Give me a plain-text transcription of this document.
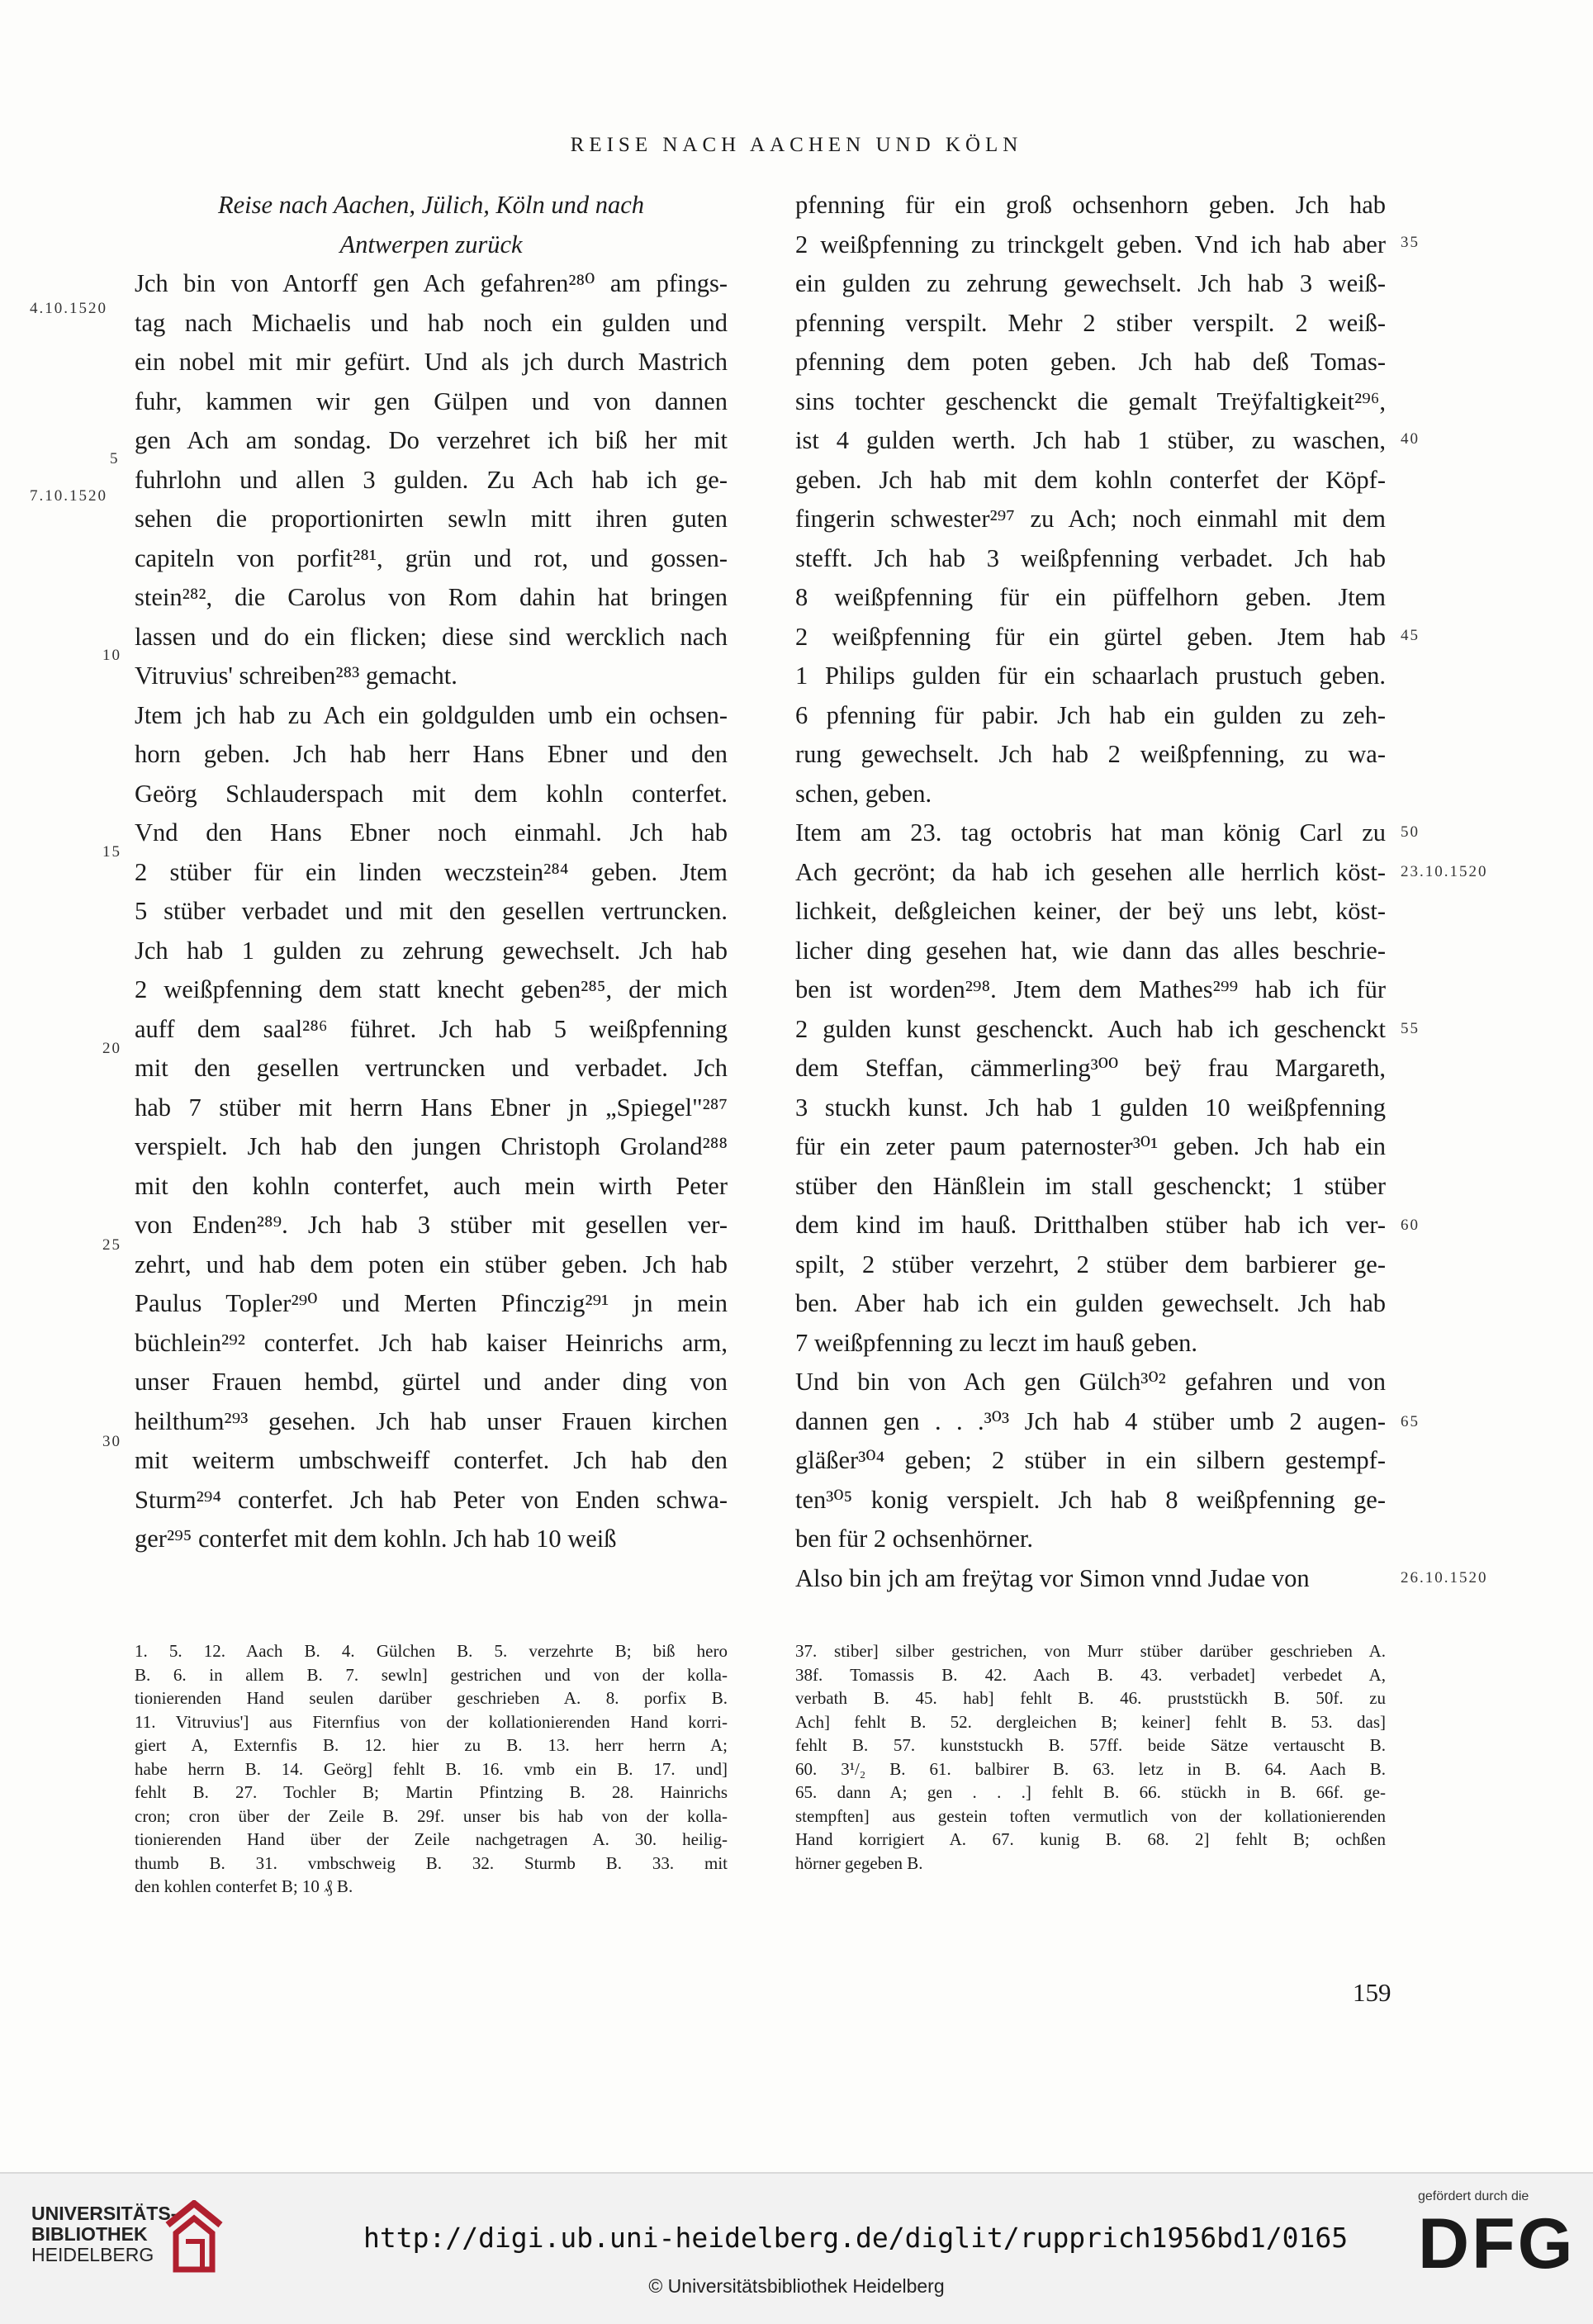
REISE NACH AACHEN UND KÖLN

Reise nach Aachen, Jülich, Köln und nach

Antwerpen zurück

Jch bin von Antorff gen Ach gefahren²⁸⁰ am pfings-
tag nach Michaelis und hab noch ein gulden und
ein nobel mit mir gefürt. Und als jch durch Mastrich
fuhr, kammen wir gen Gülpen und von dannen
gen Ach am sondag. Do verzehret ich biß her mit
fuhrlohn und allen 3 gulden. Zu Ach hab ich ge-
sehen die proportionirten sewln mitt ihren guten
capiteln von porfit²⁸¹, grün und rot, und gossen-
stein²⁸², die Carolus von Rom dahin hat bringen
lassen und do ein flicken; diese sind wercklich nach
Vitruvius' schreiben²⁸³ gemacht.
Jtem jch hab zu Ach ein goldgulden umb ein ochsen-
horn geben. Jch hab herr Hans Ebner und den
Geörg Schlauderspach mit dem kohln conterfet.
Vnd den Hans Ebner noch einmahl. Jch hab
2 stüber für ein linden weczstein²⁸⁴ geben. Jtem
5 stüber verbadet und mit den gesellen vertruncken.
Jch hab 1 gulden zu zehrung gewechselt. Jch hab
2 weißpfenning dem statt knecht geben²⁸⁵, der mich
auff dem saal²⁸⁶ führet. Jch hab 5 weißpfenning
mit den gesellen vertruncken und verbadet. Jch
hab 7 stüber mit herrn Hans Ebner jn „Spiegel"²⁸⁷
verspielt. Jch hab den jungen Christoph Groland²⁸⁸
mit den kohln conterfet, auch mein wirth Peter
von Enden²⁸⁹. Jch hab 3 stüber mit gesellen ver-
zehrt, und hab dem poten ein stüber geben. Jch hab
Paulus Topler²⁹⁰ und Merten Pfinczig²⁹¹ jn mein
büchlein²⁹² conterfet. Jch hab kaiser Heinrichs arm,
unser Frauen hembd, gürtel und ander ding von
heilthum²⁹³ gesehen. Jch hab unser Frauen kirchen
mit weiterm umbschweiff conterfet. Jch hab den
Sturm²⁹⁴ conterfet. Jch hab Peter von Enden schwa-
ger²⁹⁵ conterfet mit dem kohln. Jch hab 10 weiß
pfenning für ein groß ochsenhorn geben. Jch hab
2 weißpfenning zu trinckgelt geben. Vnd ich hab aber
ein gulden zu zehrung gewechselt. Jch hab 3 weiß-
pfenning verspilt. Mehr 2 stiber verspilt. 2 weiß-
pfenning dem poten geben. Jch hab deß Tomas-
sins tochter geschenckt die gemalt Treÿfaltigkeit²⁹⁶,
ist 4 gulden werth. Jch hab 1 stüber, zu waschen,
geben. Jch hab mit dem kohln conterfet der Köpf-
fingerin schwester²⁹⁷ zu Ach; noch einmahl mit dem
stefft. Jch hab 3 weißpfenning verbadet. Jch hab
8 weißpfenning für ein püffelhorn geben. Jtem
2 weißpfenning für ein gürtel geben. Jtem hab
1 Philips gulden für ein schaarlach prustuch geben.
6 pfenning für pabir. Jch hab ein gulden zu zeh-
rung gewechselt. Jch hab 2 weißpfenning, zu wa-
schen, geben.
Item am 23. tag octobris hat man könig Carl zu
Ach gecrönt; da hab ich gesehen alle herrlich köst-
lichkeit, deßgleichen keiner, der beÿ uns lebt, köst-
licher ding gesehen hat, wie dann das alles beschrie-
ben ist worden²⁹⁸. Jtem dem Mathes²⁹⁹ hab ich für
2 gulden kunst geschenckt. Auch hab ich geschenckt
dem Steffan, cämmerling³⁰⁰ beÿ frau Margareth,
3 stuckh kunst. Jch hab 1 gulden 10 weißpfenning
für ein zeter paum paternoster³⁰¹ geben. Jch hab ein
stüber den Hänßlein im stall geschenckt; 1 stüber
dem kind im hauß. Dritthalben stüber hab ich ver-
spilt, 2 stüber verzehrt, 2 stüber dem barbierer ge-
ben. Aber hab ich ein gulden gewechselt. Jch hab
7 weißpfenning zu leczt im hauß geben.
Und bin von Ach gen Gülch³⁰² gefahren und von
dannen gen . . .³⁰³ Jch hab 4 stüber umb 2 augen-
gläßer³⁰⁴ geben; 2 stüber in ein silbern gestempf-
ten³⁰⁵ konig verspielt. Jch hab 8 weißpfenning ge-
ben für 2 ochsenhörner.
Also bin jch am freÿtag vor Simon vnnd Judae von
5
10
15
20
25
30
35
40
45
50
55
60
65
4.10.1520
7.10.1520
23.10.1520
26.10.1520
1. 5. 12. Aach B. 4. Gülchen B. 5. verzehrte B; biß hero
B. 6. in allem B. 7. sewln] gestrichen und von der kolla-
tionierenden Hand seulen darüber geschrieben A. 8. porfix B.
11. Vitruvius'] aus Fiternfius von der kollationierenden Hand korri-
giert A, Externfis B. 12. hier zu B. 13. herr herrn A;
habe herrn B. 14. Geörg] fehlt B. 16. vmb ein B. 17. und]
fehlt B. 27. Tochler B; Martin Pfintzing B. 28. Hainrichs
cron; cron über der Zeile B. 29f. unser bis hab von der kolla-
tionierenden Hand über der Zeile nachgetragen A. 30. heilig-
thumb B. 31. vmbschweig B. 32. Sturmb B. 33. mit
den kohlen conterfet B; 10 ₰ B.
37. stiber] silber gestrichen, von Murr stüber darüber geschrieben A.
38f. Tomassis B. 42. Aach B. 43. verbadet] verbedet A,
verbath B. 45. hab] fehlt B. 46. pruststückh B. 50f. zu
Ach] fehlt B. 52. dergleichen B; keiner] fehlt B. 53. das]
fehlt B. 57. kunststuckh B. 57ff. beide Sätze vertauscht B.
60. 3¹/₂ B. 61. balbirer B. 63. letz in B. 64. Aach B.
65. dann A; gen . . .] fehlt B. 66. stückh in B. 66f. ge-
stempften] aus gestein toften vermutlich von der kollationierenden
Hand korrigiert A. 67. kunig B. 68. 2] fehlt B; ochßen
hörner gegeben B.
159
UNIVERSITÄTS-
BIBLIOTHEK
HEIDELBERG
http://digi.ub.uni-heidelberg.de/diglit/rupprich1956bd1/0165
© Universitätsbibliothek Heidelberg
gefördert durch die
DFG
